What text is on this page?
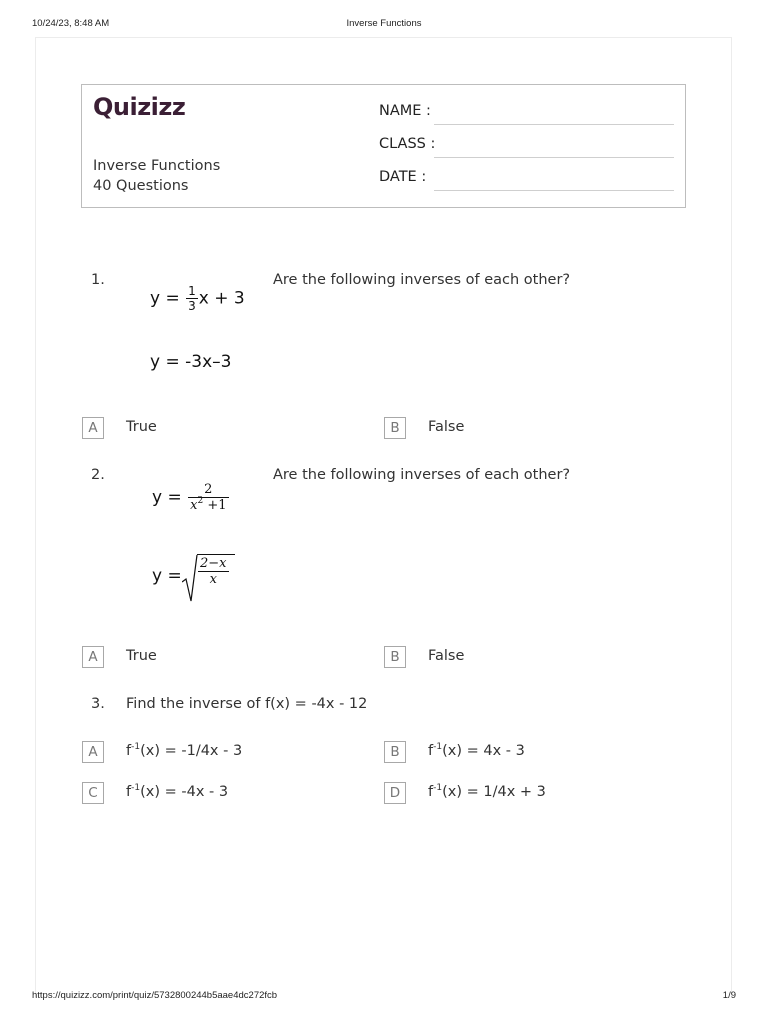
10/24/23, 8:48 AM	Inverse Functions
Quizizz
Inverse Functions
40 Questions
NAME :
CLASS :
DATE :
1.	Are the following inverses of each other?
$y = \frac{1}{3}$ x + 3
y = -3x–3
A	True	B	False
2.	Are the following inverses of each other?
$y = \frac{2}{x^2 +1}$
$y = \frac{2-x}{x}$
A	True	B	False
3. Find the inverse of f(x) = -4x - 12
A	$f^{-1}(x) = -1/4x - 3$	B	$f^{-1}(x) = 4x - 3$
C	$f^{-1}(x) = -4x - 3$	D	$f^{-1}(x) = 1/4x + 3$
https://quizizz.com/print/quiz/5732800244b5aae4dc272fcb	1/9
